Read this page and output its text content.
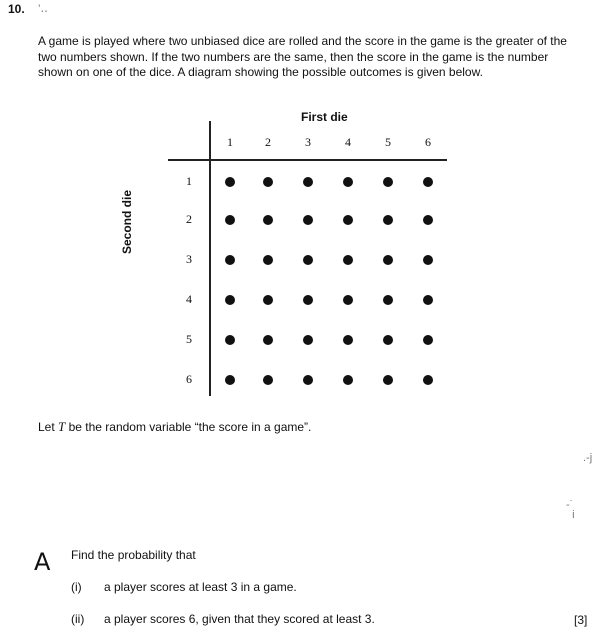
10. ’‥
A game is played where two unbiased dice are rolled and the score in the game is the greater of the two numbers shown. If the two numbers are the same, then the score in the game is the number shown on one of the dice. A diagram showing the possible outcomes is given below.
First die
1	2	3	4	5	6
1
2
3
4
5
6
Second die
Let T be the random variable “the score in a game”.
.-j
-˙
i
A Find the probability that
(i) a player scores at least 3 in a game.
(ii) a player scores 6, given that they scored at least 3.	[3]
